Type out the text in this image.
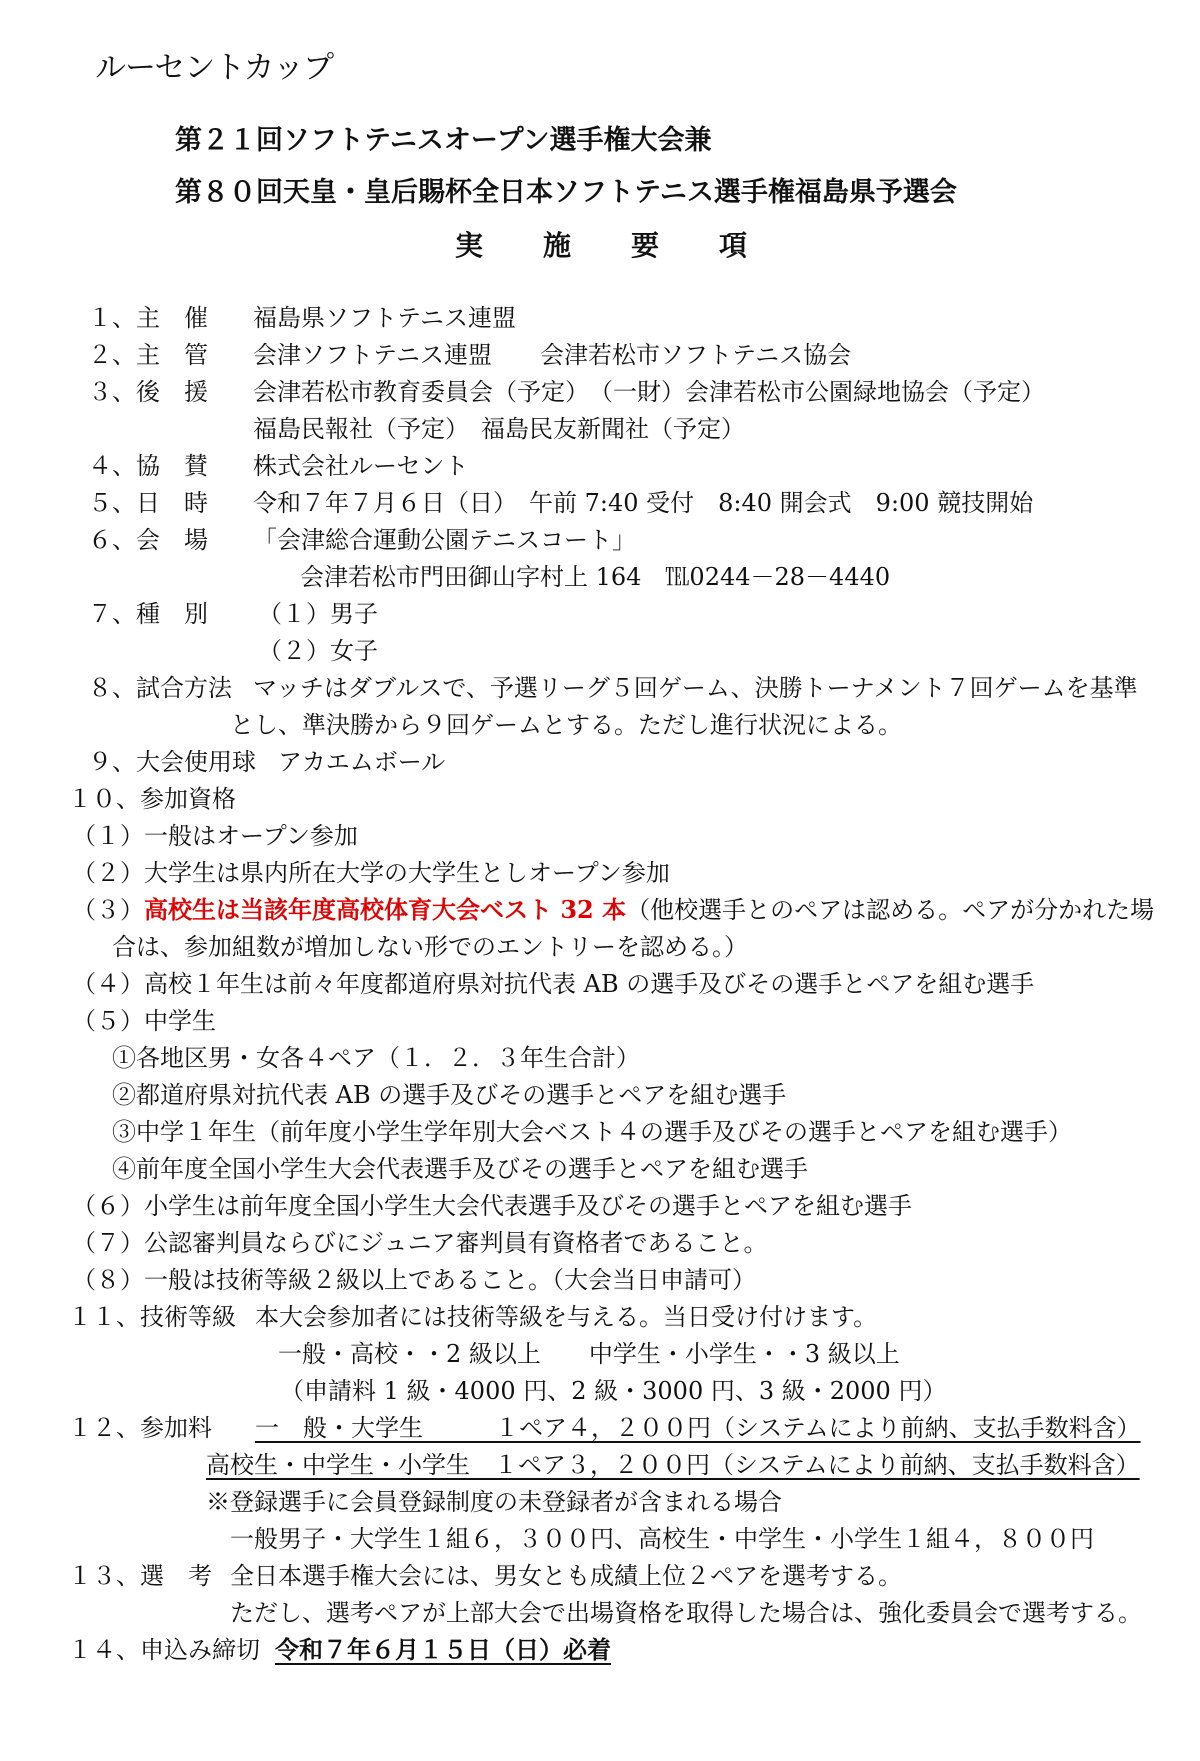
ルーセントカップ
第２１回ソフトテニスオープン選手権大会兼
第８０回天皇・皇后賜杯全日本ソフトテニス選手権福島県予選会
実 施 要 項
１、主　催 福島県ソフトテニス連盟
２、主　管 会津ソフトテニス連盟　　会津若松市ソフトテニス協会
３、後　援 会津若松市教育委員会（予定）　（一財）会津若松市公園緑地協会（予定）
福島民報社（予定）　福島民友新聞社（予定）
４、協　賛 株式会社ルーセント
５、日　時 令和７年７月６日（日）　午前 7:40 受付　8:40 開会式　9:00 競技開始
６、会　場 「会津総合運動公園テニスコート」
会津若松市門田御山字村上 164　℡0244－28－4440
７、種　別 （１）男子
（２）女子
８、試合方法 マッチはダブルスで、予選リーグ５回ゲーム、決勝トーナメント７回ゲームを基準
とし、準決勝から９回ゲームとする。ただし進行状況による。
９、大会使用球 アカエムボール
１０、参加資格
（１）一般はオープン参加
（２）大学生は県内所在大学の大学生としオープン参加
（３）高校生は当該年度高校体育大会ベスト 32 本（他校選手とのペアは認める。ペアが分かれた場
合は、参加組数が増加しない形でのエントリーを認める。）
（４）高校１年生は前々年度都道府県対抗代表 AB の選手及びその選手とペアを組む選手
（５）中学生
①各地区男・女各４ペア（１．２．３年生合計）
②都道府県対抗代表 AB の選手及びその選手とペアを組む選手
③中学１年生（前年度小学生学年別大会ベスト４の選手及びその選手とペアを組む選手）
④前年度全国小学生大会代表選手及びその選手とペアを組む選手
（６）小学生は前年度全国小学生大会代表選手及びその選手とペアを組む選手
（７）公認審判員ならびにジュニア審判員有資格者であること。
（８）一般は技術等級２級以上であること。（大会当日申請可）
１１、技術等級 本大会参加者には技術等級を与える。当日受け付けます。
一般・高校・・2 級以上　　中学生・小学生・・3 級以上
（申請料 1 級・4000 円、2 級・3000 円、3 級・2000 円）
１２、参加料 一　般・大学生　　　１ペア４，２００円（システムにより前納、支払手数料含）
高校生・中学生・小学生　１ペア３，２００円（システムにより前納、支払手数料含）
※登録選手に会員登録制度の未登録者が含まれる場合
一般男子・大学生１組６，３００円、高校生・中学生・小学生１組４，８００円
１３、選　考 全日本選手権大会には、男女とも成績上位２ペアを選考する。
ただし、選考ペアが上部大会で出場資格を取得した場合は、強化委員会で選考する。
１４、申込み締切 令和７年６月１５日（日）必着
